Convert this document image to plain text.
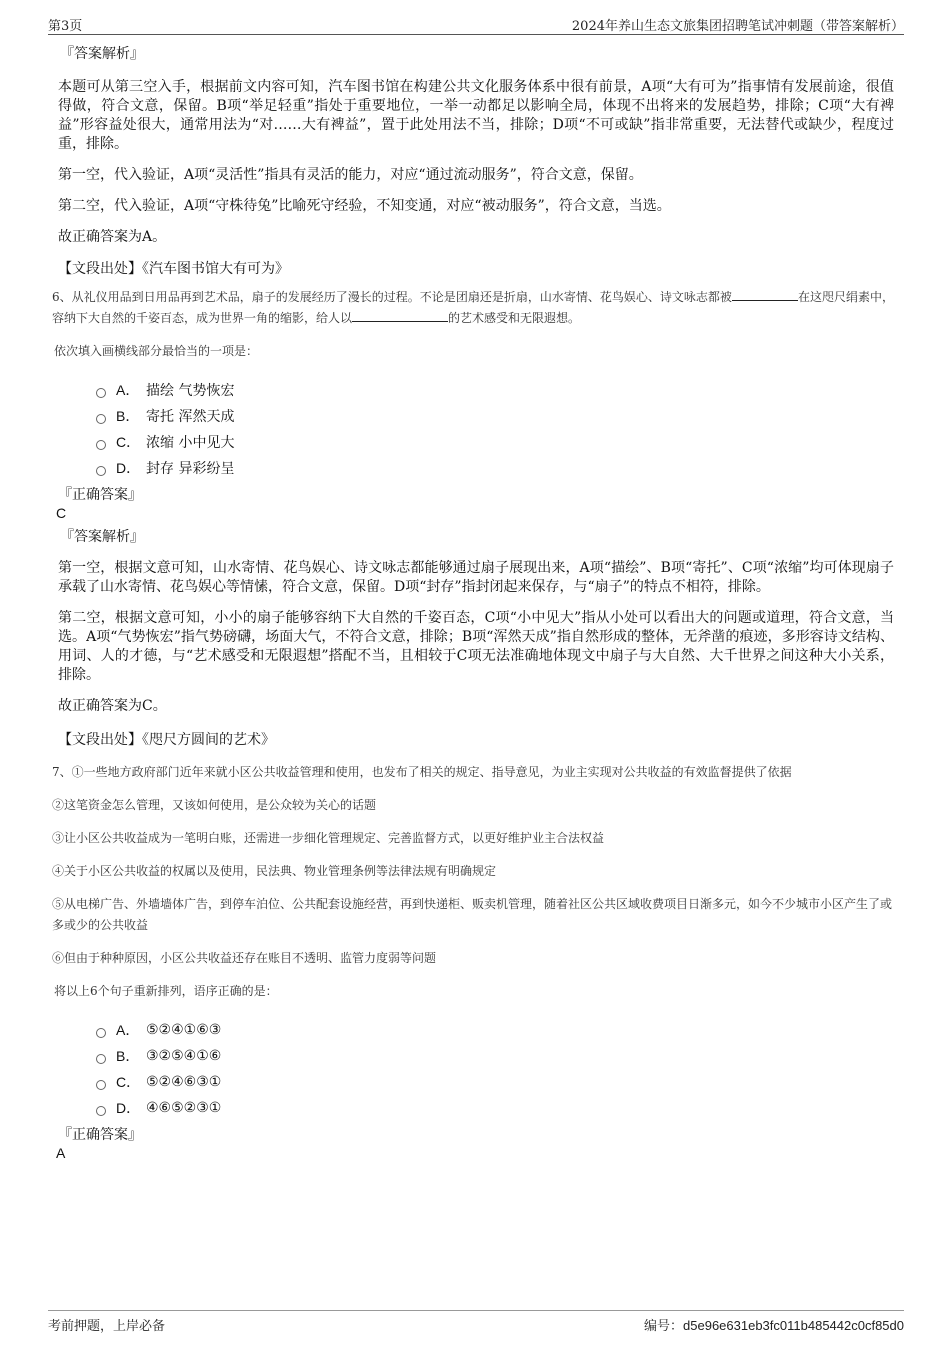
第3页	2024年养山生态文旅集团招聘笔试冲刺题（带答案解析）
『答案解析』

本题可从第三空入手，根据前文内容可知，汽车图书馆在构建公共文化服务体系中很有前景，A项“大有可为”指事情有发展前途，很值得做，符合文意，保留。B项“举足轻重”指处于重要地位，一举一动都足以影响全局，体现不出将来的发展趋势，排除；C项“大有裨益”形容益处很大，通常用法为“对……大有裨益”，置于此处用法不当，排除；D项“不可或缺”指非常重要，无法替代或缺少，程度过重，排除。

第一空，代入验证，A项“灵活性”指具有灵活的能力，对应“通过流动服务”，符合文意，保留。

第二空，代入验证，A项“守株待兔”比喻死守经验，不知变通，对应“被动服务”，符合文意，当选。

故正确答案为A。

【文段出处】《汽车图书馆大有可为》

6、从礼仪用品到日用品再到艺术品，扇子的发展经历了漫长的过程。不论是团扇还是折扇，山水寄情、花鸟娱心、诗文咏志都被	在这咫尺绢素中，容纳下大自然的千姿百态，成为世界一角的缩影，给人以	的艺术感受和无限遐想。

依次填入画横线部分最恰当的一项是：
A． 描绘 气势恢宏
B． 寄托 浑然天成
C． 浓缩 小中见大
D． 封存 异彩纷呈
『正确答案』
C
『答案解析』

第一空，根据文意可知，山水寄情、花鸟娱心、诗文咏志都能够通过扇子展现出来，A项“描绘”、B项“寄托”、C项“浓缩”均可体现扇子承载了山水寄情、花鸟娱心等情愫，符合文意，保留。D项“封存”指封闭起来保存，与“扇子”的特点不相符，排除。

第二空，根据文意可知，小小的扇子能够容纳下大自然的千姿百态，C项“小中见大”指从小处可以看出大的问题或道理，符合文意，当选。A项“气势恢宏”指气势磅礴，场面大气，不符合文意，排除；B项“浑然天成”指自然形成的整体，无斧凿的痕迹，多形容诗文结构、用词、人的才德，与“艺术感受和无限遐想”搭配不当，且相较于C项无法准确地体现文中扇子与大自然、大千世界之间这种大小关系，排除。

故正确答案为C。

【文段出处】《咫尺方圆间的艺术》

7、①一些地方政府部门近年来就小区公共收益管理和使用，也发布了相关的规定、指导意见，为业主实现对公共收益的有效监督提供了依据

②这笔资金怎么管理，又该如何使用，是公众较为关心的话题

③让小区公共收益成为一笔明白账，还需进一步细化管理规定、完善监督方式，以更好维护业主合法权益

④关于小区公共收益的权属以及使用，民法典、物业管理条例等法律法规有明确规定

⑤从电梯广告、外墙墙体广告，到停车泊位、公共配套设施经营，再到快递柜、贩卖机管理，随着社区公共区域收费项目日渐多元，如今不少城市小区产生了或多或少的公共收益

⑥但由于种种原因，小区公共收益还存在账目不透明、监管力度弱等问题

将以上6个句子重新排列，语序正确的是：
A． ⑤②④①⑥③
B． ③②⑤④①⑥
C． ⑤②④⑥③①
D． ④⑥⑤②③①
『正确答案』
A
考前押题，上岸必备	编号：d5e96e631eb3fc011b485442c0cf85d0
